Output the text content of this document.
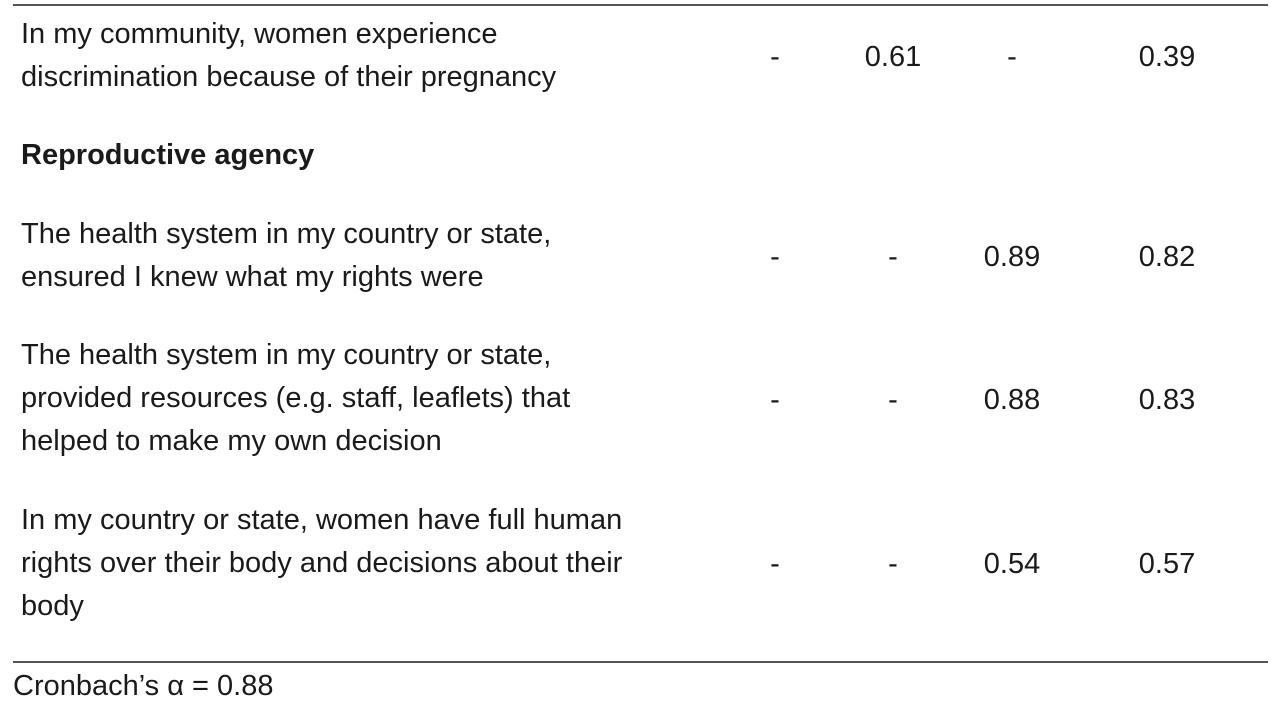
In my community, women experience
discrimination because of their pregnancy
-	0.61	-	0.39
Reproductive agency
The health system in my country or state,
ensured I knew what my rights were
-	-	0.89	0.82
The health system in my country or state,
provided resources (e.g. staff, leaflets) that
helped to make my own decision
-	-	0.88	0.83
In my country or state, women have full human
rights over their body and decisions about their
body
-	-	0.54	0.57
Cronbach’s α = 0.88
